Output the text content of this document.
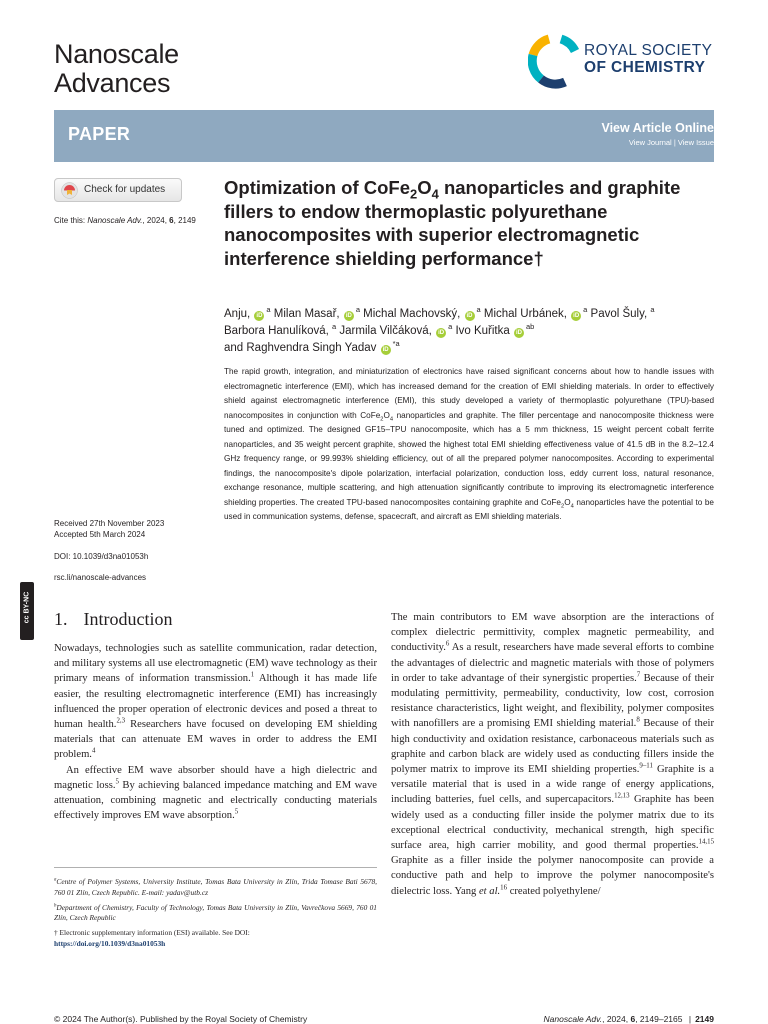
Nanoscale
Advances
ROYAL SOCIETY
OF CHEMISTRY
PAPER	View Article Online
View Journal | View Issue
Check for updates
Cite this: Nanoscale Adv., 2024, 6, 2149
Optimization of $CoFe_2O_4$ nanoparticles and graphite fillers to endow thermoplastic polyurethane nanocomposites with superior electromagnetic interference shielding performance†
Anju, $iD^a$ Milan Masař, $iD^a$ Michal Machovský, $iD^a$ Michal Urbánek, $iD^a$ Pavol Šuly, $^a$
Barbora Hanulíková, $^a$ Jarmila Vilčáková, $iD^a$ Ivo Kuřitka $iD^{ab}$
and Raghvendra Singh Yadav $iD^{*a}$
The rapid growth, integration, and miniaturization of electronics have raised significant concerns about how to handle issues with electromagnetic interference (EMI), which has increased demand for the creation of EMI shielding materials. In order to effectively shield against electromagnetic interference (EMI), this study developed a variety of thermoplastic polyurethane (TPU)-based nanocomposites in conjunction with $CoFe_2O_4$ nanoparticles and graphite. The filler percentage and nanocomposite thickness were tuned and optimized. The designed GF15–TPU nanocomposite, which has a 5 mm thickness, 15 weight percent cobalt ferrite nanoparticles, and 35 weight percent graphite, showed the highest total EMI shielding effectiveness value of 41.5 dB in the 8.2–12.4 GHz frequency range, or 99.993% shielding efficiency, out of all the prepared polymer nanocomposites. According to experimental findings, the nanocomposite's dipole polarization, interfacial polarization, conduction loss, eddy current loss, natural resonance, exchange resonance, multiple scattering, and high attenuation significantly contribute to improving its electromagnetic interference shielding properties. The created TPU-based nanocomposites containing graphite and $CoFe_2O_4$ nanoparticles have the potential to be used in communication systems, defense, spacecraft, and aircraft as EMI shielding materials.
Received 27th November 2023
Accepted 5th March 2024
DOI: 10.1039/d3na01053h
rsc.li/nanoscale-advances
cc BY-NC 1. Introduction

Nowadays, technologies such as satellite communication, radar detection, and military systems all use electromagnetic (EM) wave technology as their primary means of information transmission.$^1$ Although it has made life easier, the resulting electromagnetic interference (EMI) has increasingly influenced the proper operation of electronic devices and posed a threat to human health.$^{2,3}$ Researchers have focused on developing EM shielding materials that can attenuate EM waves in order to address the EMI problem.$^4$

An effective EM wave absorber should have a high dielectric and magnetic loss.$^5$ By achieving balanced impedance matching and EM wave attenuation, combining magnetic and electrically conducting materials effectively improves EM wave absorption.$^5$

The main contributors to EM wave absorption are the interactions of complex dielectric permittivity, complex magnetic permeability, and conductivity.$^6$ As a result, researchers have made several efforts to combine the advantages of dielectric and magnetic materials with those of polymers in order to take advantage of their synergistic properties.$^7$ Because of their modulating permittivity, permeability, conductivity, low cost, corrosion resistance characteristics, light weight, and flexibility, polymer composites with nanofillers are a promising EMI shielding material.$^8$ Because of their high conductivity and oxidation resistance, carbonaceous materials such as graphite and carbon black are widely used as conducting fillers inside the polymer matrix to improve its EMI shielding properties.$^{9-11}$ Graphite is a versatile material that is used in a wide range of energy applications, including batteries, fuel cells, and supercapacitors.$^{12,13}$ Graphite has been widely used as a conducting filler inside the polymer matrix due to its exceptional electrical conductivity, mechanical strength, high specific surface area, high carrier mobility, and good thermal properties.$^{14,15}$ Graphite as a filler inside the polymer nanocomposite can provide a conductive path and help to improve the polymer nanocomposite's dielectric loss. Yang et al.$^{16}$ created polyethylene/

$^a$Centre of Polymer Systems, University Institute, Tomas Bata University in Zlín, Trida Tomase Bati 5678, 760 01 Zlín, Czech Republic. E-mail: yadav@utb.cz
$^b$Department of Chemistry, Faculty of Technology, Tomas Bata University in Zlín, Vavrečkova 5669, 760 01 Zlín, Czech Republic
† Electronic supplementary information (ESI) available. See DOI:
https://doi.org/10.1039/d3na01053h
© 2024 The Author(s). Published by the Royal Society of Chemistry	Nanoscale Adv., 2024, 6, 2149–2165 | 2149
